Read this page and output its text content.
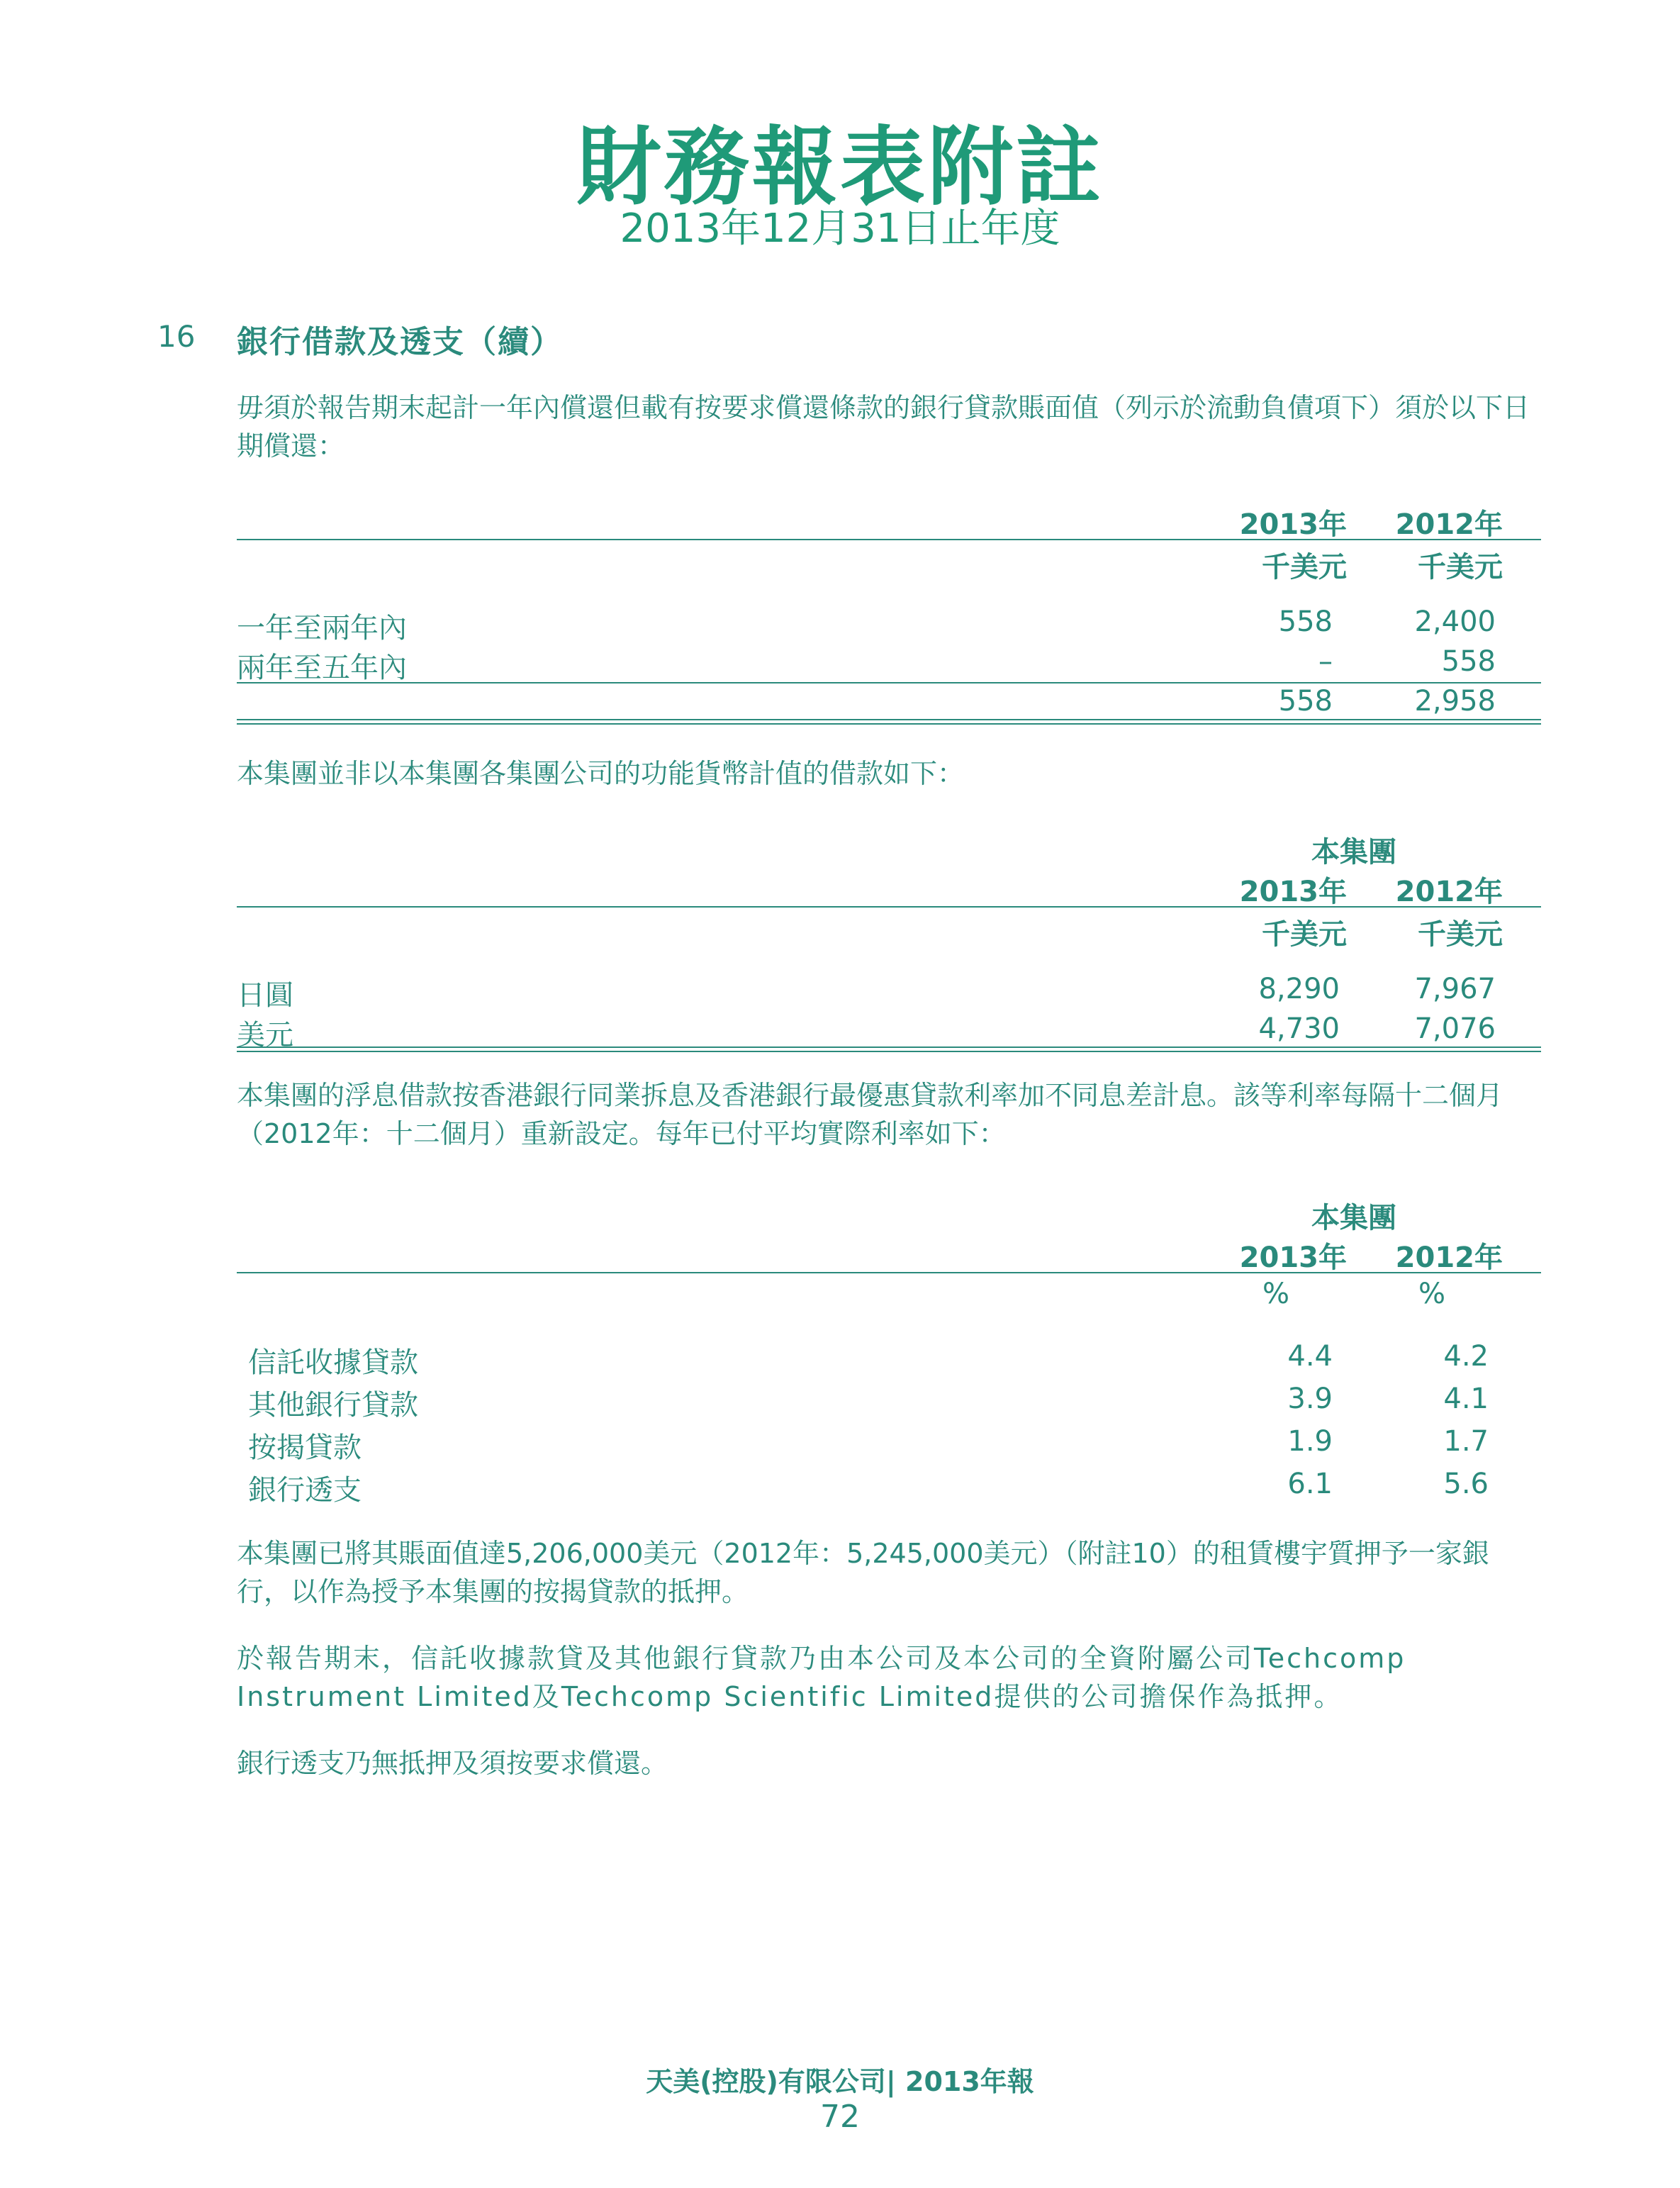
財務報表附註
2013年12月31日止年度
16 銀行借款及透支（續）
毋須於報告期末起計一年內償還但載有按要求償還條款的銀行貸款賬面值（列示於流動負債項下）須於以下日期償還：
2013年	2012年
千美元	千美元
一年至兩年內	558	2,400
兩年至五年內	–	558
558	2,958
本集團並非以本集團各集團公司的功能貨幣計值的借款如下：
本集團
2013年	2012年
千美元	千美元
日圓	8,290	7,967
美元	4,730	7,076
本集團的浮息借款按香港銀行同業拆息及香港銀行最優惠貸款利率加不同息差計息。該等利率每隔十二個月（2012年：十二個月）重新設定。每年已付平均實際利率如下：
本集團
2013年	2012年
%	%
信託收據貸款	4.4	4.2
其他銀行貸款	3.9	4.1
按揭貸款	1.9	1.7
銀行透支	6.1	5.6
本集團已將其賬面值達5,206,000美元（2012年：5,245,000美元）（附註10）的租賃樓宇質押予一家銀行，以作為授予本集團的按揭貸款的抵押。
於報告期末，信託收據款貸及其他銀行貸款乃由本公司及本公司的全資附屬公司Techcomp Instrument Limited及Techcomp Scientific Limited提供的公司擔保作為抵押。
銀行透支乃無抵押及須按要求償還。
天美(控股)有限公司| 2013年報
72
